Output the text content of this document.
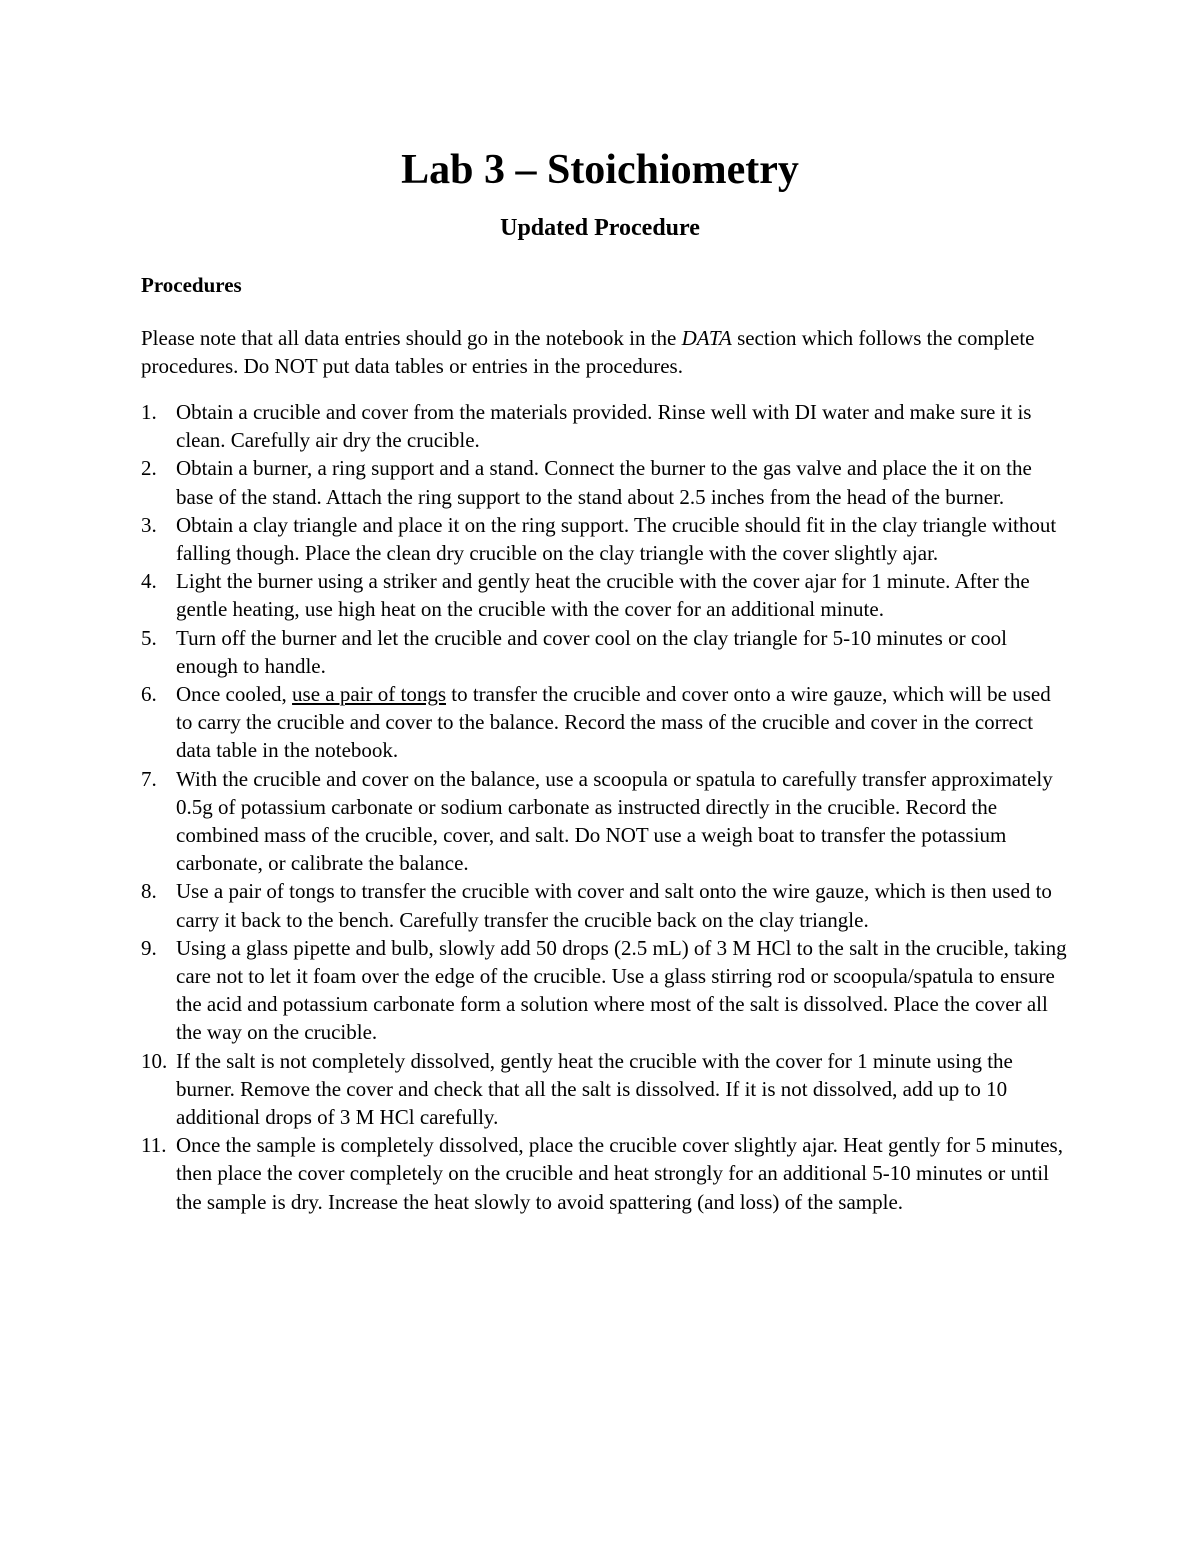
Lab 3 – Stoichiometry
Updated Procedure
Procedures

Please note that all data entries should go in the notebook in the DATA section which follows the complete procedures. Do NOT put data tables or entries in the procedures.

1. Obtain a crucible and cover from the materials provided. Rinse well with DI water and make sure it is clean. Carefully air dry the crucible.
2. Obtain a burner, a ring support and a stand. Connect the burner to the gas valve and place the it on the base of the stand. Attach the ring support to the stand about 2.5 inches from the head of the burner.
3. Obtain a clay triangle and place it on the ring support. The crucible should fit in the clay triangle without falling though. Place the clean dry crucible on the clay triangle with the cover slightly ajar.
4. Light the burner using a striker and gently heat the crucible with the cover ajar for 1 minute. After the gentle heating, use high heat on the crucible with the cover for an additional minute.
5. Turn off the burner and let the crucible and cover cool on the clay triangle for 5-10 minutes or cool enough to handle.
6. Once cooled, use a pair of tongs to transfer the crucible and cover onto a wire gauze, which will be used to carry the crucible and cover to the balance. Record the mass of the crucible and cover in the correct data table in the notebook.
7. With the crucible and cover on the balance, use a scoopula or spatula to carefully transfer approximately 0.5g of potassium carbonate or sodium carbonate as instructed directly in the crucible. Record the combined mass of the crucible, cover, and salt. Do NOT use a weigh boat to transfer the potassium carbonate, or calibrate the balance.
8. Use a pair of tongs to transfer the crucible with cover and salt onto the wire gauze, which is then used to carry it back to the bench. Carefully transfer the crucible back on the clay triangle.
9. Using a glass pipette and bulb, slowly add 50 drops (2.5 mL) of 3 M HCl to the salt in the crucible, taking care not to let it foam over the edge of the crucible. Use a glass stirring rod or scoopula/spatula to ensure the acid and potassium carbonate form a solution where most of the salt is dissolved. Place the cover all the way on the crucible.
10. If the salt is not completely dissolved, gently heat the crucible with the cover for 1 minute using the burner. Remove the cover and check that all the salt is dissolved. If it is not dissolved, add up to 10 additional drops of 3 M HCl carefully.
11. Once the sample is completely dissolved, place the crucible cover slightly ajar. Heat gently for 5 minutes, then place the cover completely on the crucible and heat strongly for an additional 5-10 minutes or until the sample is dry. Increase the heat slowly to avoid spattering (and loss) of the sample.
